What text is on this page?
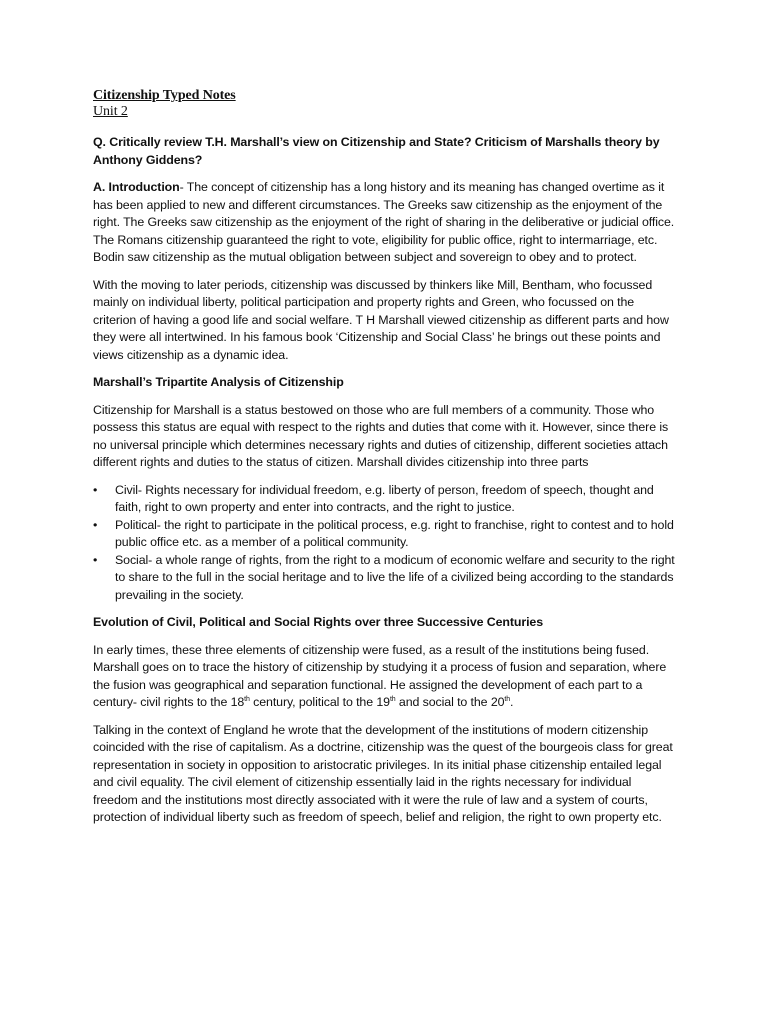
Citizenship Typed Notes
Unit 2

Q. Critically review T.H. Marshall’s view on Citizenship and State? Criticism of Marshalls theory by Anthony Giddens?

A. Introduction- The concept of citizenship has a long history and its meaning has changed overtime as it has been applied to new and different circumstances. The Greeks saw citizenship as the enjoyment of the right. The Greeks saw citizenship as the enjoyment of the right of sharing in the deliberative or judicial office. The Romans citizenship guaranteed the right to vote, eligibility for public office, right to intermarriage, etc. Bodin saw citizenship as the mutual obligation between subject and sovereign to obey and to protect.

With the moving to later periods, citizenship was discussed by thinkers like Mill, Bentham, who focussed mainly on individual liberty, political participation and property rights and Green, who focussed on the criterion of having a good life and social welfare. T H Marshall viewed citizenship as different parts and how they were all intertwined. In his famous book ‘Citizenship and Social Class’ he brings out these points and views citizenship as a dynamic idea.

Marshall’s Tripartite Analysis of Citizenship

Citizenship for Marshall is a status bestowed on those who are full members of a community. Those who possess this status are equal with respect to the rights and duties that come with it. However, since there is no universal principle which determines necessary rights and duties of citizenship, different societies attach different rights and duties to the status of citizen. Marshall divides citizenship into three parts

• Civil- Rights necessary for individual freedom, e.g. liberty of person, freedom of speech, thought and faith, right to own property and enter into contracts, and the right to justice.
• Political- the right to participate in the political process, e.g. right to franchise, right to contest and to hold public office etc. as a member of a political community.
• Social- a whole range of rights, from the right to a modicum of economic welfare and security to the right to share to the full in the social heritage and to live the life of a civilized being according to the standards prevailing in the society.

Evolution of Civil, Political and Social Rights over three Successive Centuries

In early times, these three elements of citizenship were fused, as a result of the institutions being fused. Marshall goes on to trace the history of citizenship by studying it a process of fusion and separation, where the fusion was geographical and separation functional. He assigned the development of each part to a century- civil rights to the 18th century, political to the 19th and social to the 20th.

Talking in the context of England he wrote that the development of the institutions of modern citizenship coincided with the rise of capitalism. As a doctrine, citizenship was the quest of the bourgeois class for great representation in society in opposition to aristocratic privileges. In its initial phase citizenship entailed legal and civil equality. The civil element of citizenship essentially laid in the rights necessary for individual freedom and the institutions most directly associated with it were the rule of law and a system of courts, protection of individual liberty such as freedom of speech, belief and religion, the right to own property etc.
